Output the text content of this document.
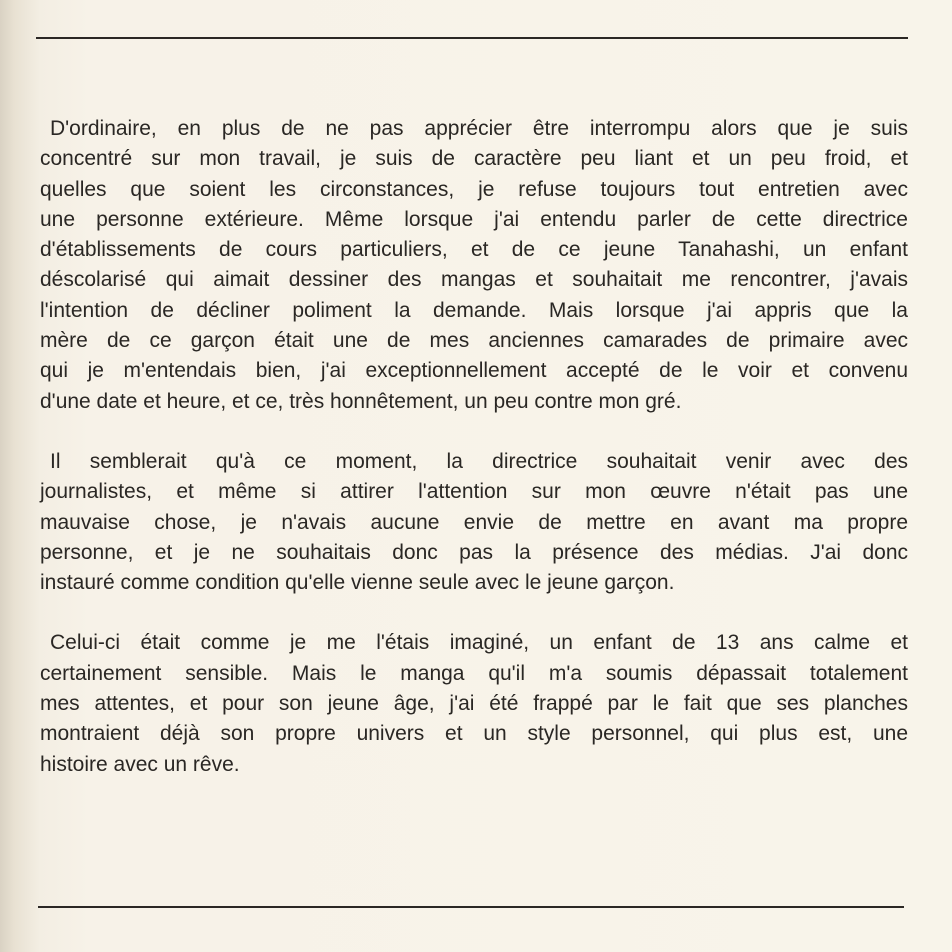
D'ordinaire, en plus de ne pas apprécier être interrompu alors que je suis
concentré sur mon travail, je suis de caractère peu liant et un peu froid, et
quelles que soient les circonstances, je refuse toujours tout entretien avec
une personne extérieure. Même lorsque j'ai entendu parler de cette directrice
d'établissements de cours particuliers, et de ce jeune Tanahashi, un enfant
déscolarisé qui aimait dessiner des mangas et souhaitait me rencontrer, j'avais
l'intention de décliner poliment la demande. Mais lorsque j'ai appris que la
mère de ce garçon était une de mes anciennes camarades de primaire avec
qui je m'entendais bien, j'ai exceptionnellement accepté de le voir et convenu
d'une date et heure, et ce, très honnêtement, un peu contre mon gré.
Il semblerait qu'à ce moment, la directrice souhaitait venir avec des
journalistes, et même si attirer l'attention sur mon œuvre n'était pas une
mauvaise chose, je n'avais aucune envie de mettre en avant ma propre
personne, et je ne souhaitais donc pas la présence des médias. J'ai donc
instauré comme condition qu'elle vienne seule avec le jeune garçon.
Celui-ci était comme je me l'étais imaginé, un enfant de 13 ans calme et
certainement sensible. Mais le manga qu'il m'a soumis dépassait totalement
mes attentes, et pour son jeune âge, j'ai été frappé par le fait que ses planches
montraient déjà son propre univers et un style personnel, qui plus est, une
histoire avec un rêve.
